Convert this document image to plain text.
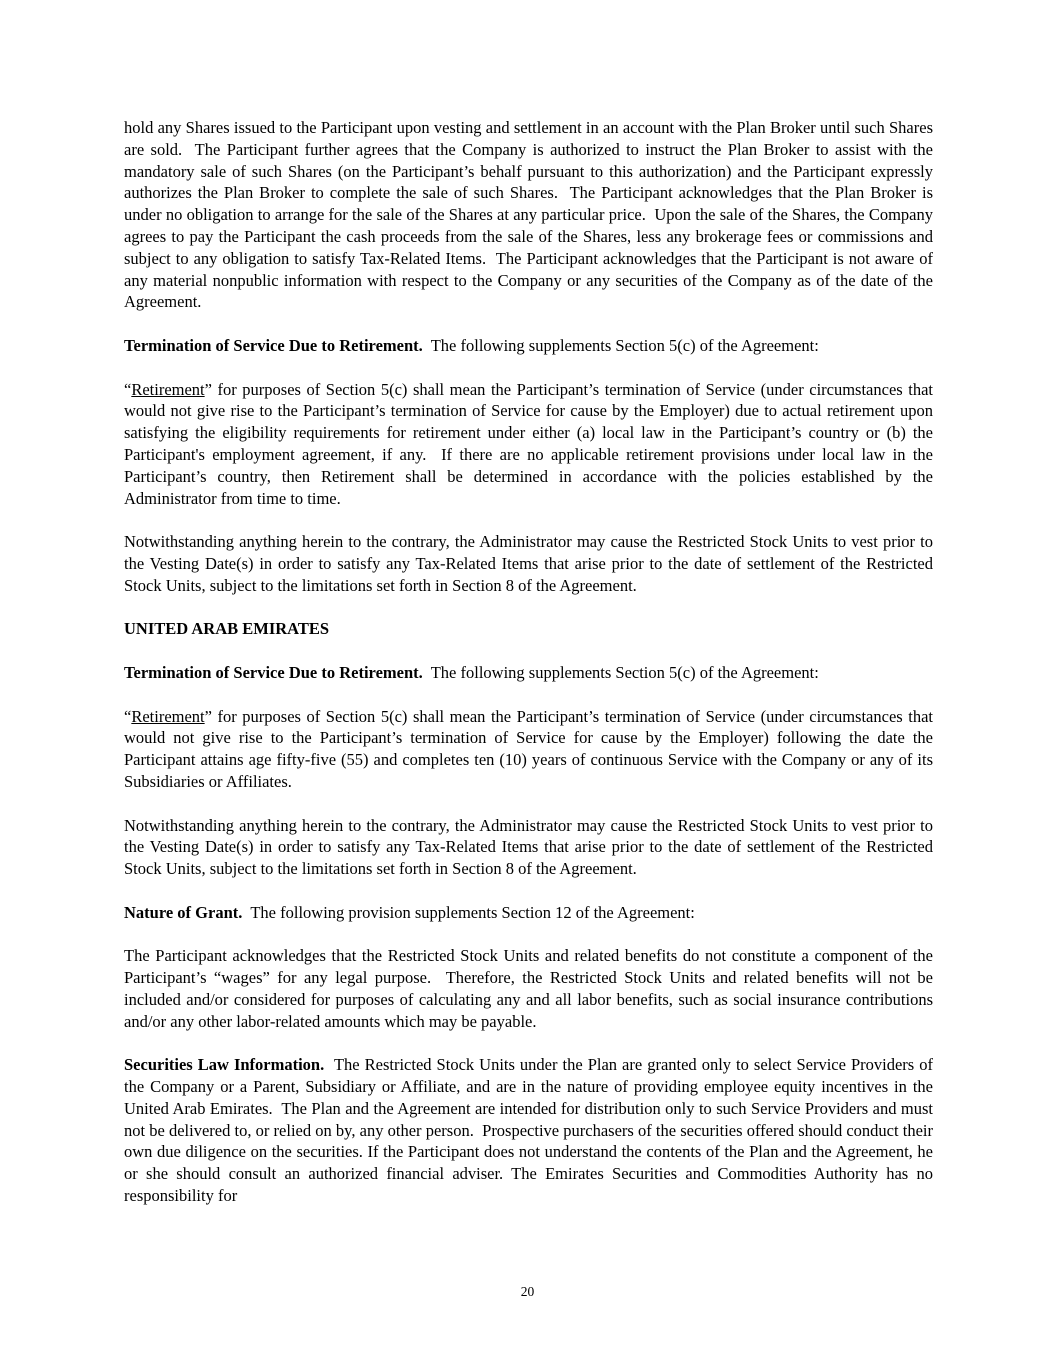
hold any Shares issued to the Participant upon vesting and settlement in an account with the Plan Broker until such Shares are sold.  The Participant further agrees that the Company is authorized to instruct the Plan Broker to assist with the mandatory sale of such Shares (on the Participant’s behalf pursuant to this authorization) and the Participant expressly authorizes the Plan Broker to complete the sale of such Shares.  The Participant acknowledges that the Plan Broker is under no obligation to arrange for the sale of the Shares at any particular price.  Upon the sale of the Shares, the Company agrees to pay the Participant the cash proceeds from the sale of the Shares, less any brokerage fees or commissions and subject to any obligation to satisfy Tax-Related Items.  The Participant acknowledges that the Participant is not aware of any material nonpublic information with respect to the Company or any securities of the Company as of the date of the Agreement.

Termination of Service Due to Retirement.  The following supplements Section 5(c) of the Agreement:

“Retirement” for purposes of Section 5(c) shall mean the Participant’s termination of Service (under circumstances that would not give rise to the Participant’s termination of Service for cause by the Employer) due to actual retirement upon satisfying the eligibility requirements for retirement under either (a) local law in the Participant’s country or (b) the Participant's employment agreement, if any.  If there are no applicable retirement provisions under local law in the Participant’s country, then Retirement shall be determined in accordance with the policies established by the Administrator from time to time.

Notwithstanding anything herein to the contrary, the Administrator may cause the Restricted Stock Units to vest prior to the Vesting Date(s) in order to satisfy any Tax-Related Items that arise prior to the date of settlement of the Restricted Stock Units, subject to the limitations set forth in Section 8 of the Agreement.

UNITED ARAB EMIRATES

Termination of Service Due to Retirement.  The following supplements Section 5(c) of the Agreement:

“Retirement” for purposes of Section 5(c) shall mean the Participant’s termination of Service (under circumstances that would not give rise to the Participant’s termination of Service for cause by the Employer) following the date the Participant attains age fifty-five (55) and completes ten (10) years of continuous Service with the Company or any of its Subsidiaries or Affiliates.

Notwithstanding anything herein to the contrary, the Administrator may cause the Restricted Stock Units to vest prior to the Vesting Date(s) in order to satisfy any Tax-Related Items that arise prior to the date of settlement of the Restricted Stock Units, subject to the limitations set forth in Section 8 of the Agreement.

Nature of Grant.  The following provision supplements Section 12 of the Agreement:

The Participant acknowledges that the Restricted Stock Units and related benefits do not constitute a component of the Participant’s “wages” for any legal purpose.  Therefore, the Restricted Stock Units and related benefits will not be included and/or considered for purposes of calculating any and all labor benefits, such as social insurance contributions and/or any other labor-related amounts which may be payable.

Securities Law Information.  The Restricted Stock Units under the Plan are granted only to select Service Providers of the Company or a Parent, Subsidiary or Affiliate, and are in the nature of providing employee equity incentives in the United Arab Emirates.  The Plan and the Agreement are intended for distribution only to such Service Providers and must not be delivered to, or relied on by, any other person.  Prospective purchasers of the securities offered should conduct their own due diligence on the securities. If the Participant does not understand the contents of the Plan and the Agreement, he or she should consult an authorized financial adviser. The Emirates Securities and Commodities Authority has no responsibility for

20
